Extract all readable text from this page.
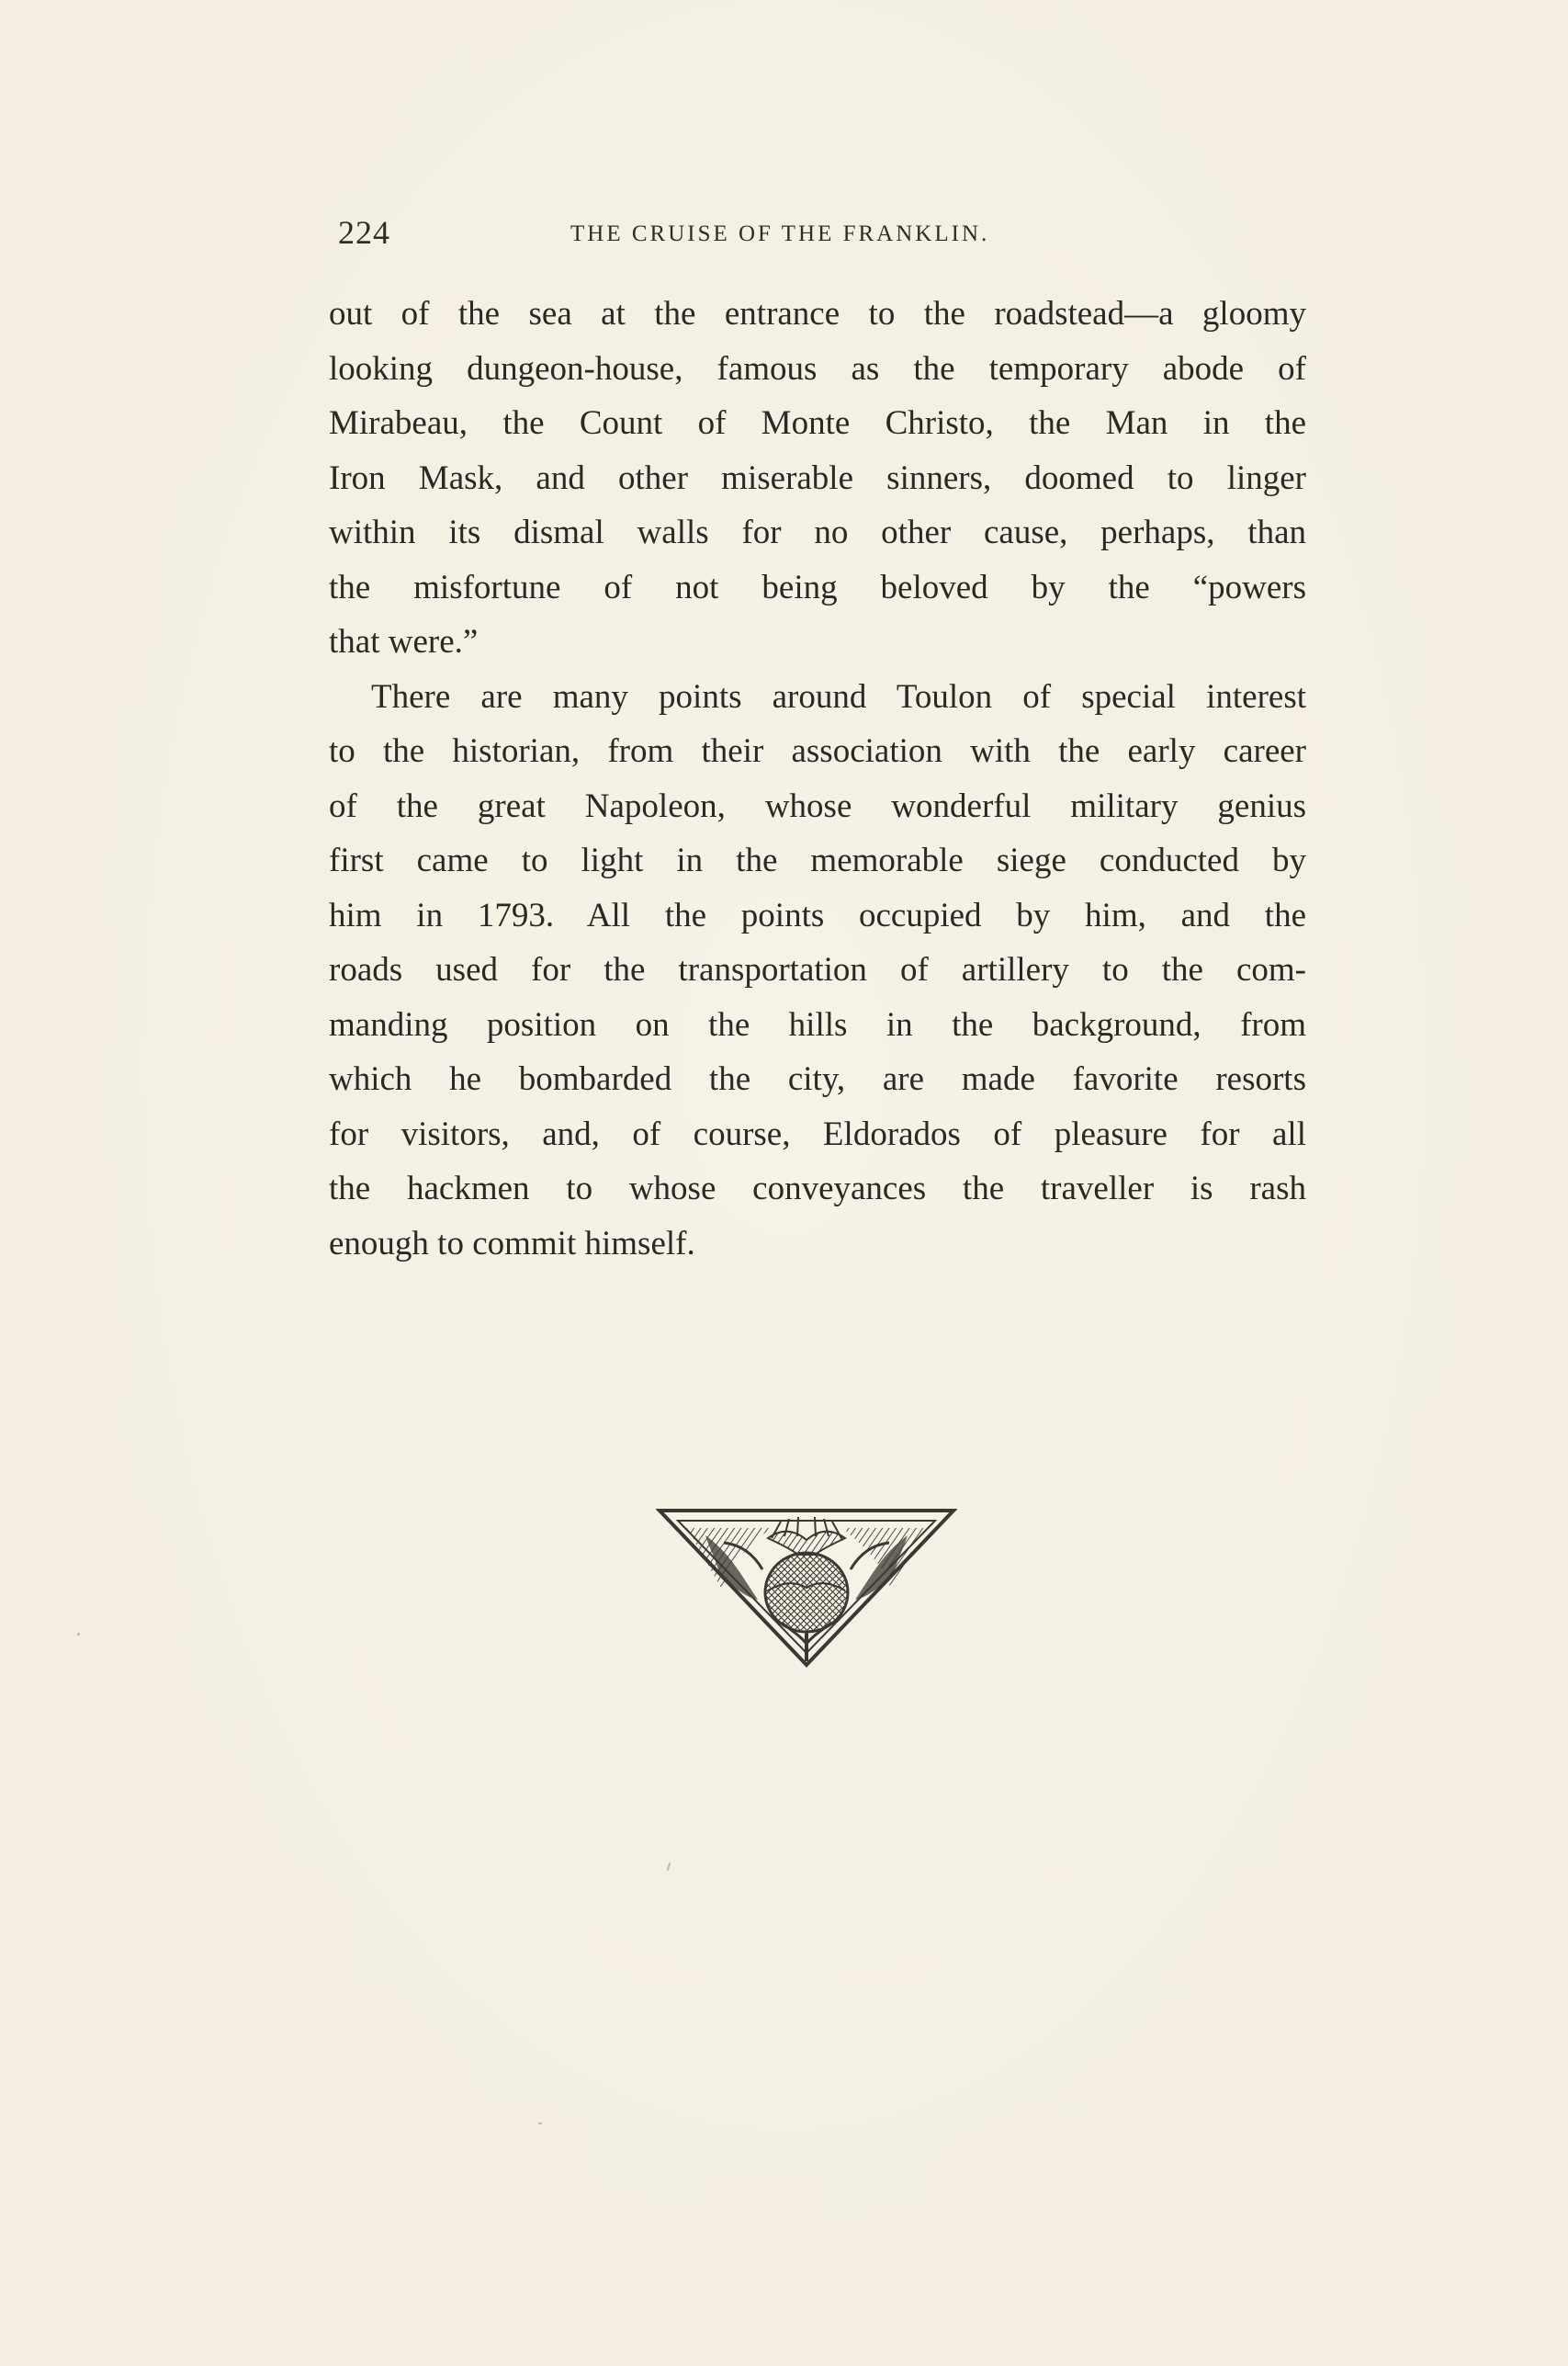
224	THE CRUISE OF THE FRANKLIN.
out of the sea at the entrance to the roadstead—a gloomy
looking dungeon-house, famous as the temporary abode of
Mirabeau, the Count of Monte Christo, the Man in the
Iron Mask, and other miserable sinners, doomed to linger
within its dismal walls for no other cause, perhaps, than
the misfortune of not being beloved by the “powers
that were.”
There are many points around Toulon of special interest
to the historian, from their association with the early career
of the great Napoleon, whose wonderful military genius
first came to light in the memorable siege conducted by
him in 1793. All the points occupied by him, and the
roads used for the transportation of artillery to the com-
manding position on the hills in the background, from
which he bombarded the city, are made favorite resorts
for visitors, and, of course, Eldorados of pleasure for all
the hackmen to whose conveyances the traveller is rash
enough to commit himself.
